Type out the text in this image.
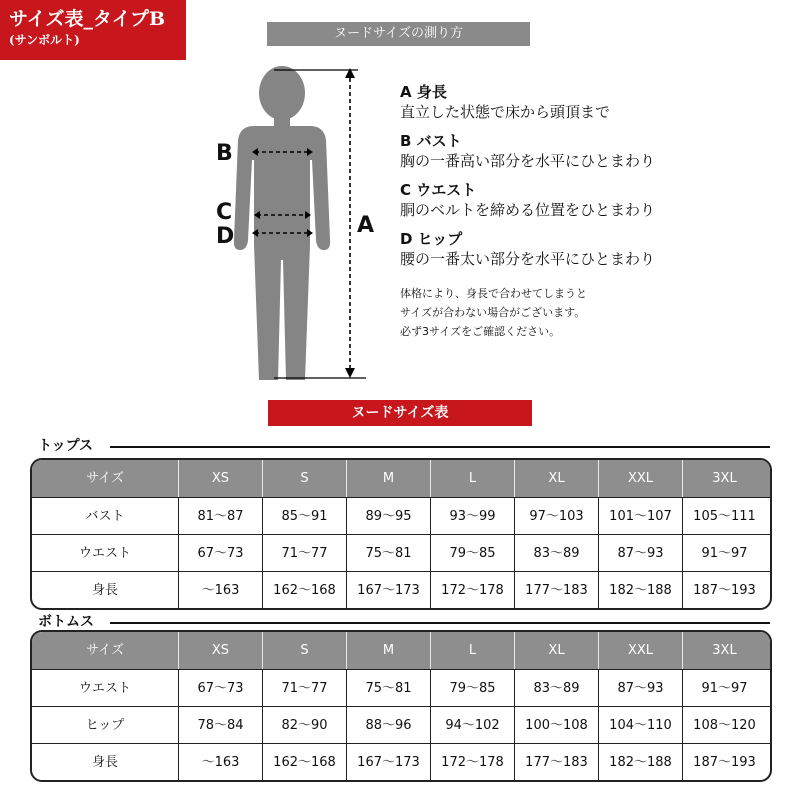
サイズ表_タイプB
(サンボルト)	ヌードサイズの測り方
B
C
D	A
A 身長
直立した状態で床から頭頂まで
B バスト
胸の一番高い部分を水平にひとまわり
C ウエスト
胴のベルトを締める位置をひとまわり
D ヒップ
腰の一番太い部分を水平にひとまわり
体格により、身長で合わせてしまうと
サイズが合わない場合がございます。
必ず3サイズをご確認ください。
ヌードサイズ表
トップス
サイズ	XS	S	M	L	XL	XXL	3XL
バスト	81～87	85～91	89～95	93～99	97～103	101～107	105～111
ウエスト	67～73	71～77	75～81	79～85	83～89	87～93	91～97
身長	～163	162～168	167～173	172～178	177～183	182～188	187～193
ボトムス
サイズ	XS	S	M	L	XL	XXL	3XL
ウエスト	67～73	71～77	75～81	79～85	83～89	87～93	91～97
ヒップ	78～84	82～90	88～96	94～102	100～108	104～110	108～120
身長	～163	162～168	167～173	172～178	177～183	182～188	187～193
